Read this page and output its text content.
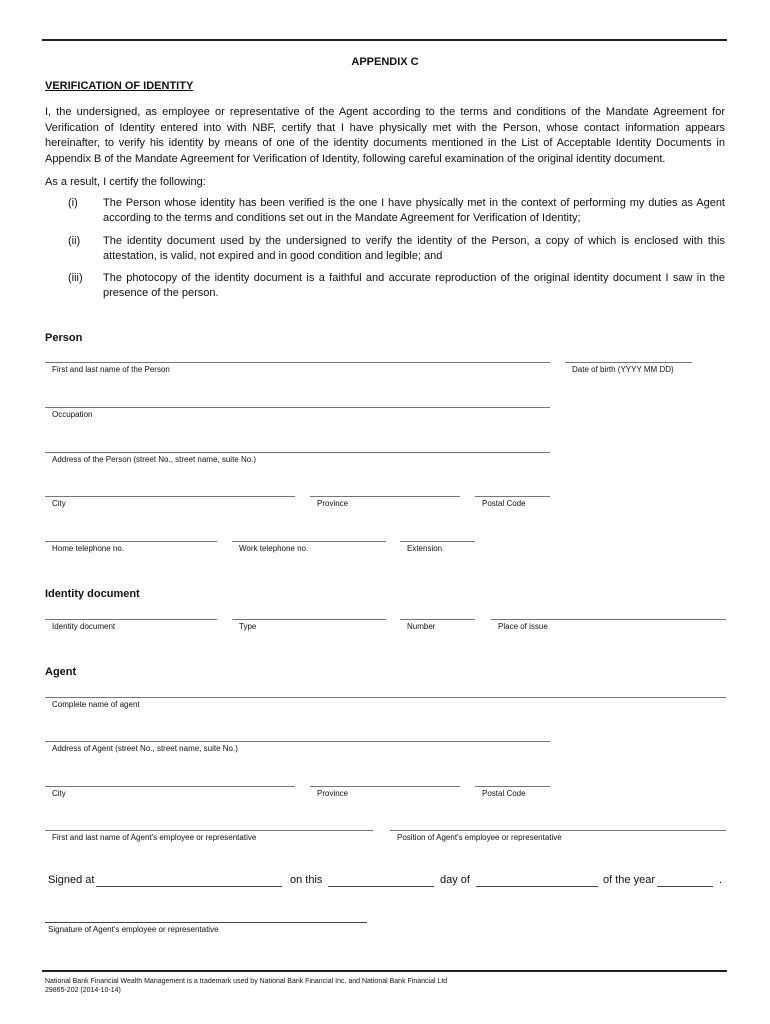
APPENDIX C
VERIFICATION OF IDENTITY
I, the undersigned, as employee or representative of the Agent according to the terms and conditions of the Mandate Agreement for Verification of Identity entered into with NBF, certify that I have physically met with the Person, whose contact information appears hereinafter, to verify his identity by means of one of the identity documents mentioned in the List of Acceptable Identity Documents in Appendix B of the Mandate Agreement for Verification of Identity, following careful examination of the original identity document.
As a result, I certify the following:
(i) The Person whose identity has been verified is the one I have physically met in the context of performing my duties as Agent according to the terms and conditions set out in the Mandate Agreement for Verification of Identity;
(ii) The identity document used by the undersigned to verify the identity of the Person, a copy of which is enclosed with this attestation, is valid, not expired and in good condition and legible; and
(iii) The photocopy of the identity document is a faithful and accurate reproduction of the original identity document I saw in the presence of the person.
Person
First and last name of the Person	Date of birth (YYYY MM DD)
Occupation
Address of the Person (street No., street name, suite No.)
City	Province	Postal Code
Home telephone no.	Work telephone no.	Extension
Identity document
Identity document	Type	Number	Place of issue
Agent
Complete name of agent
Address of Agent (street No., street name, suite No.)
City	Province	Postal Code
First and last name of Agent's employee or representative	Position of Agent's employee or representative
Signed at	on this	day of	of the year	.
Signature of Agent's employee or representative
National Bank Financial Wealth Management is a trademark used by National Bank Financial Inc. and National Bank Financial Ltd
29865-202 (2014-10-14)
